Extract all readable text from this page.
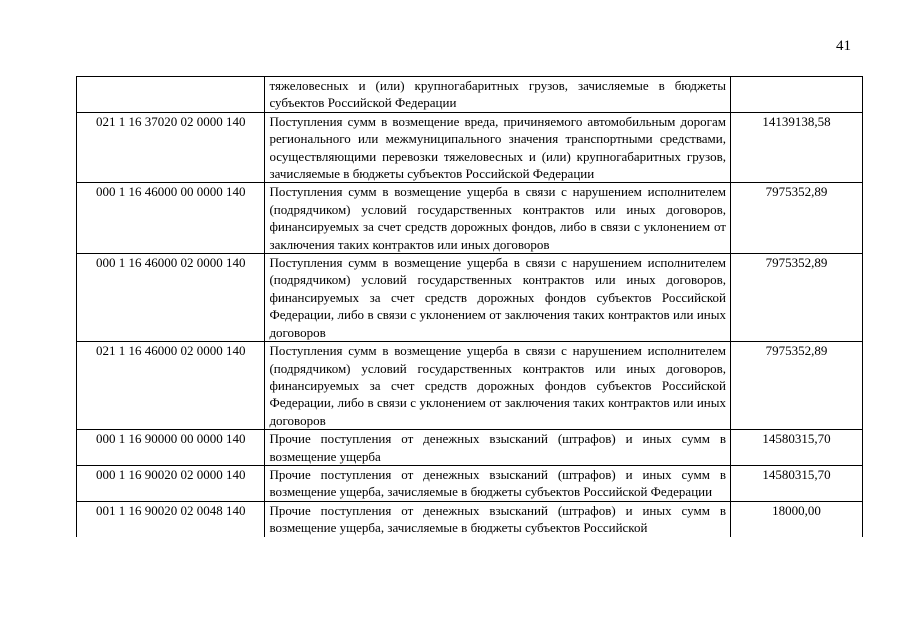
41
	тяжеловесных и (или) крупногабаритных грузов, зачисляемые в бюджеты субъектов Российской Федерации	
021 1 16 37020 02 0000 140	Поступления сумм в возмещение вреда, причиняемого автомобильным дорогам регионального или межмуниципального значения транспортными средствами, осуществляющими перевозки тяжеловесных и (или) крупногабаритных грузов, зачисляемые в бюджеты субъектов Российской Федерации	14139138,58
000 1 16 46000 00 0000 140	Поступления сумм в возмещение ущерба в связи с нарушением исполнителем (подрядчиком) условий государственных контрактов или иных договоров, финансируемых за счет средств дорожных фондов, либо в связи с уклонением от заключения таких контрактов или иных договоров	7975352,89
000 1 16 46000 02 0000 140	Поступления сумм в возмещение ущерба в связи с нарушением исполнителем (подрядчиком) условий государственных контрактов или иных договоров, финансируемых за счет средств дорожных фондов субъектов Российской Федерации, либо в связи с уклонением от заключения таких контрактов или иных договоров	7975352,89
021 1 16 46000 02 0000 140	Поступления сумм в возмещение ущерба в связи с нарушением исполнителем (подрядчиком) условий государственных контрактов или иных договоров, финансируемых за счет средств дорожных фондов субъектов Российской Федерации, либо в связи с уклонением от заключения таких контрактов или иных договоров	7975352,89
000 1 16 90000 00 0000 140	Прочие поступления от денежных взысканий (штрафов) и иных сумм в возмещение ущерба	14580315,70
000 1 16 90020 02 0000 140	Прочие поступления от денежных взысканий (штрафов) и иных сумм в возмещение ущерба, зачисляемые в бюджеты субъектов Российской Федерации	14580315,70
001 1 16 90020 02 0048 140	Прочие поступления от денежных взысканий (штрафов) и иных сумм в возмещение ущерба, зачисляемые в бюджеты субъектов Российской	18000,00
